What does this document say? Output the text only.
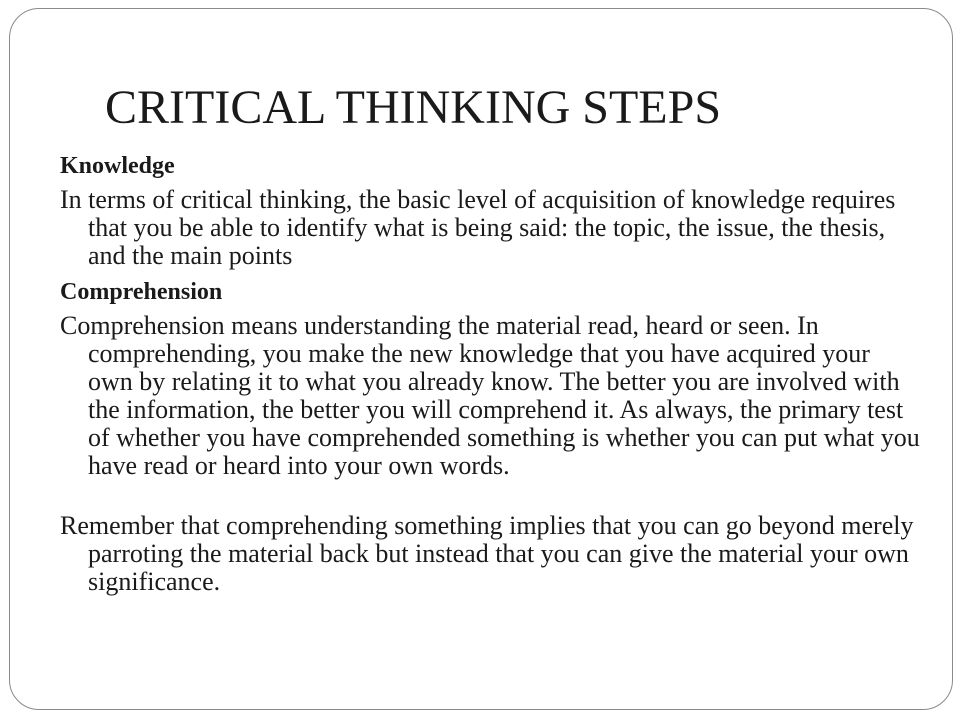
CRITICAL THINKING STEPS

Knowledge

In terms of critical thinking, the basic level of acquisition of knowledge requires that you be able to identify what is being said: the topic, the issue, the thesis, and the main points

Comprehension

Comprehension means understanding the material read, heard or seen. In comprehending, you make the new knowledge that you have acquired your own by relating it to what you already know. The better you are involved with the information, the better you will comprehend it. As always, the primary test of whether you have comprehended something is whether you can put what you have read or heard into your own words.

Remember that comprehending something implies that you can go beyond merely parroting the material back but instead that you can give the material your own significance.
